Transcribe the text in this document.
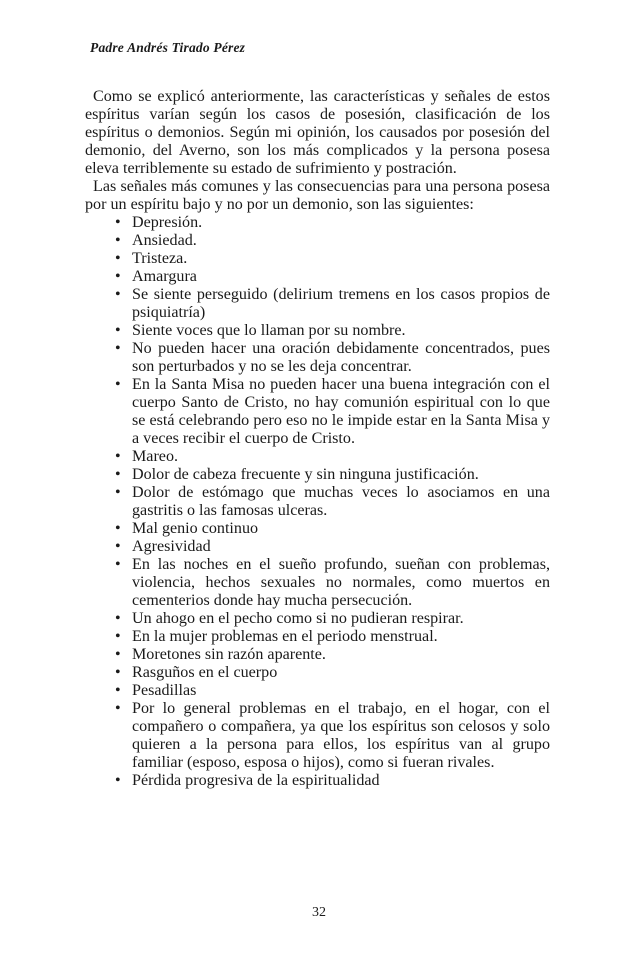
Padre Andrés Tirado Pérez

Como se explicó anteriormente, las características y señales de estos espíritus varían según los casos de posesión, clasificación de los espíritus o demonios. Según mi opinión, los causados por posesión del demonio, del Averno, son los más complicados y la persona posesa eleva terriblemente su estado de sufrimiento y postración.

Las señales más comunes y las consecuencias para una persona posesa por un espíritu bajo y no por un demonio, son las siguientes:

• Depresión.
• Ansiedad.
• Tristeza.
• Amargura
• Se siente perseguido (delirium tremens en los casos propios de psiquiatría)
• Siente voces que lo llaman por su nombre.
• No pueden hacer una oración debidamente concentrados, pues son perturbados y no se les deja concentrar.
• En la Santa Misa no pueden hacer una buena integración con el cuerpo Santo de Cristo, no hay comunión espiritual con lo que se está celebrando pero eso no le impide estar en la Santa Misa y a veces recibir el cuerpo de Cristo.
• Mareo.
• Dolor de cabeza frecuente y sin ninguna justificación.
• Dolor de estómago que muchas veces lo asociamos en una gastritis o las famosas ulceras.
• Mal genio continuo
• Agresividad
• En las noches en el sueño profundo, sueñan con problemas, violencia, hechos sexuales no normales, como muertos en cementerios donde hay mucha persecución.
• Un ahogo en el pecho como si no pudieran respirar.
• En la mujer problemas en el periodo menstrual.
• Moretones sin razón aparente.
• Rasguños en el cuerpo
• Pesadillas
• Por lo general problemas en el trabajo, en el hogar, con el compañero o compañera, ya que los espíritus son celosos y solo quieren a la persona para ellos, los espíritus van al grupo familiar (esposo, esposa o hijos), como si fueran rivales.
• Pérdida progresiva de la espiritualidad
32
